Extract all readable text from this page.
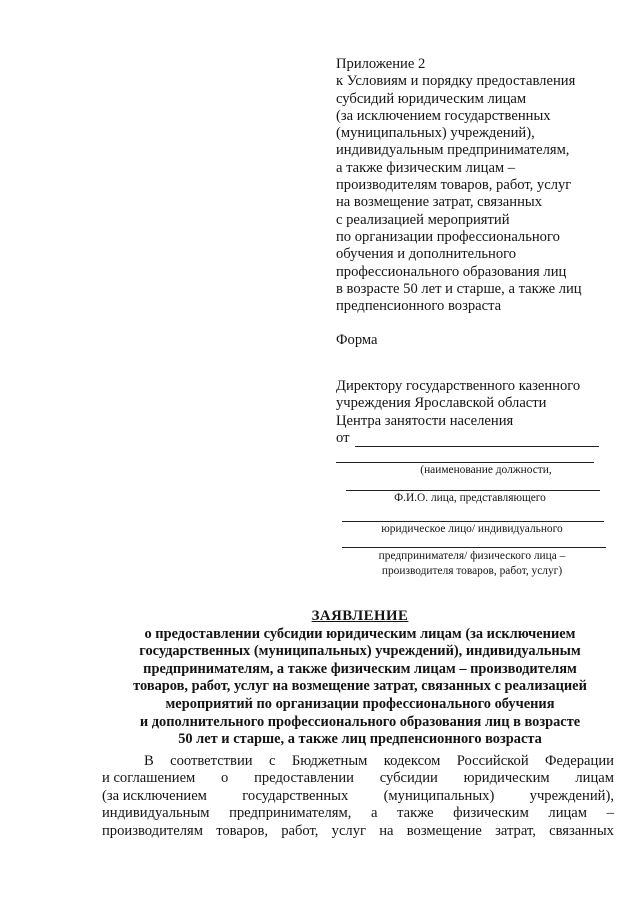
Приложение 2
к Условиям и порядку предоставления
субсидий юридическим лицам
(за исключением государственных
(муниципальных) учреждений),
индивидуальным предпринимателям,
а также физическим лицам –
производителям товаров, работ, услуг
на возмещение затрат, связанных
с реализацией мероприятий
по организации профессионального
обучения и дополнительного
профессионального образования лиц
в возрасте 50 лет и старше, а также лиц
предпенсионного возраста
Форма
Директору государственного казенного
учреждения Ярославской области
Центра занятости населения
от
(наименование должности,
Ф.И.О. лица, представляющего
юридическое лицо/ индивидуального
предпринимателя/ физического лица –
производителя товаров, работ, услуг)
ЗАЯВЛЕНИЕ
о предоставлении субсидии юридическим лицам (за исключением
государственных (муниципальных) учреждений), индивидуальным
предпринимателям, а также физическим лицам – производителям
товаров, работ, услуг на возмещение затрат, связанных с реализацией
мероприятий по организации профессионального обучения
и дополнительного профессионального образования лиц в возрасте
50 лет и старше, а также лиц предпенсионного возраста
В соответствии с Бюджетным кодексом Российской Федерации
и соглашением о предоставлении субсидии юридическим лицам
(за исключением государственных (муниципальных) учреждений),
индивидуальным предпринимателям, а также физическим лицам –
производителям товаров, работ, услуг на возмещение затрат, связанных
